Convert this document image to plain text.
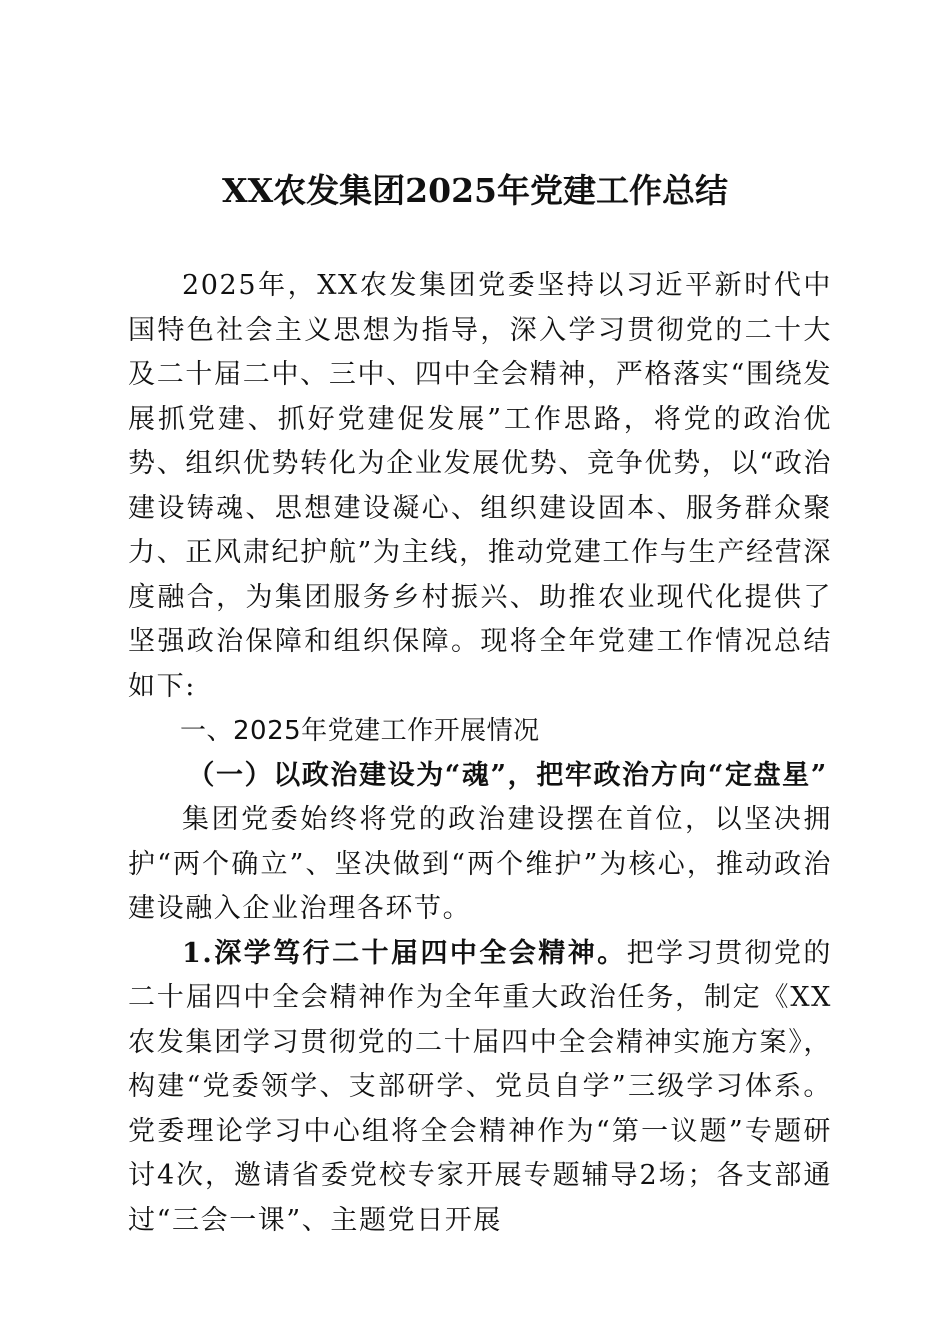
XX农发集团2025年党建工作总结

2025年，XX农发集团党委坚持以习近平新时代中国特色社会主义思想为指导，深入学习贯彻党的二十大及二十届二中、三中、四中全会精神，严格落实“围绕发展抓党建、抓好党建促发展”工作思路，将党的政治优势、组织优势转化为企业发展优势、竞争优势，以“政治建设铸魂、思想建设凝心、组织建设固本、服务群众聚力、正风肃纪护航”为主线，推动党建工作与生产经营深度融合，为集团服务乡村振兴、助推农业现代化提供了坚强政治保障和组织保障。现将全年党建工作情况总结如下:

一、2025年党建工作开展情况

（一）以政治建设为“魂”，把牢政治方向“定盘星”

集团党委始终将党的政治建设摆在首位，以坚决拥护“两个确立”、坚决做到“两个维护”为核心，推动政治建设融入企业治理各环节。

1.深学笃行二十届四中全会精神。把学习贯彻党的二十届四中全会精神作为全年重大政治任务，制定《XX农发集团学习贯彻党的二十届四中全会精神实施方案》，构建“党委领学、支部研学、党员自学”三级学习体系。党委理论学习中心组将全会精神作为“第一议题”专题研讨4次，邀请省委党校专家开展专题辅导2场；各支部通过“三会一课”、主题党日开展
